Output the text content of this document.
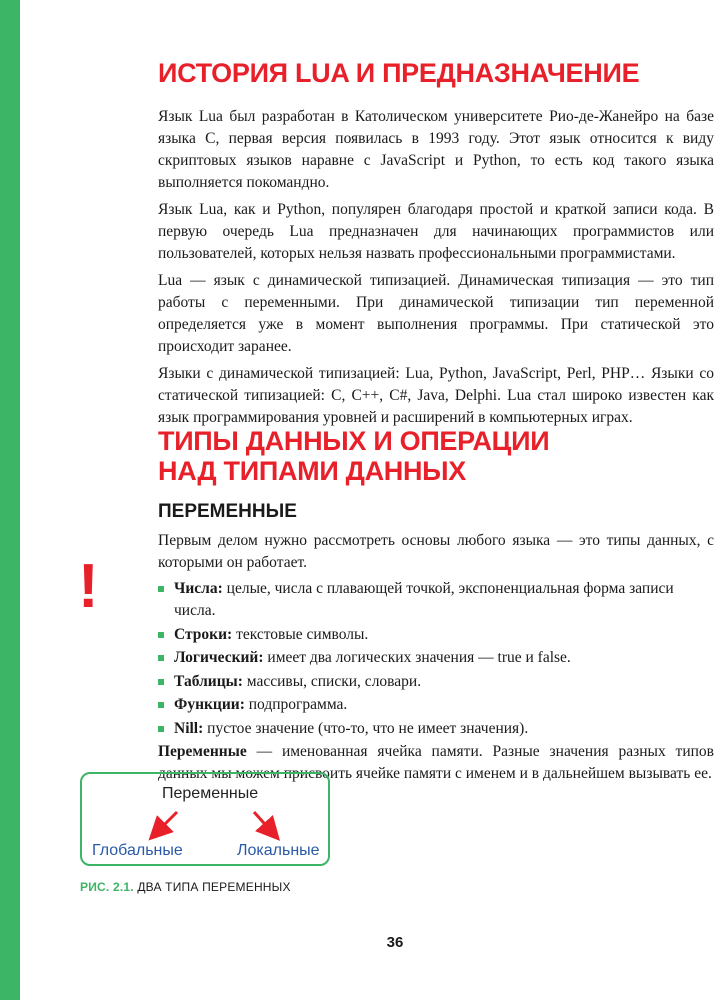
ИСТОРИЯ LUA И ПРЕДНАЗНАЧЕНИЕ

Язык Lua был разработан в Католическом университете Рио-де-Жанейро на базе языка С, первая версия появилась в 1993 году. Этот язык относится к виду скриптовых языков наравне с JavaScript и Python, то есть код такого языка выполняется покомандно.

Язык Lua, как и Python, популярен благодаря простой и краткой записи кода. В первую очередь Lua предназначен для начинающих программистов или пользователей, которых нельзя назвать профессиональными программистами.

Lua — язык с динамической типизацией. Динамическая типизация — это тип работы с переменными. При динамической типизации тип переменной определяется уже в момент выполнения программы. При статической это происходит заранее.

Языки с динамической типизацией: Lua, Python, JavaScript, Perl, PHP… Языки со статической типизацией: C, C++, C#, Java, Delphi. Lua стал широко известен как язык программирования уровней и расширений в компьютерных играх.

ТИПЫ ДАННЫХ И ОПЕРАЦИИ
НАД ТИПАМИ ДАННЫХ
ПЕРЕМЕННЫЕ

Первым делом нужно рассмотреть основы любого языка — это типы данных, с которыми он работает.

Числа: целые, числа с плавающей точкой, экспоненциальная форма записи числа.
Строки: текстовые символы.
Логический: имеет два логических значения — true и false.
Таблицы: массивы, списки, словари.
Функции: подпрограмма.
Nill: пустое значение (что-то, что не имеет значения).

Переменные — именованная ячейка памяти. Разные значения разных типов данных мы можем присвоить ячейке памяти с именем и в дальнейшем вызывать ее.

!
Переменные
Глобальные	Локальные
РИС. 2.1. ДВА ТИПА ПЕРЕМЕННЫХ
36
